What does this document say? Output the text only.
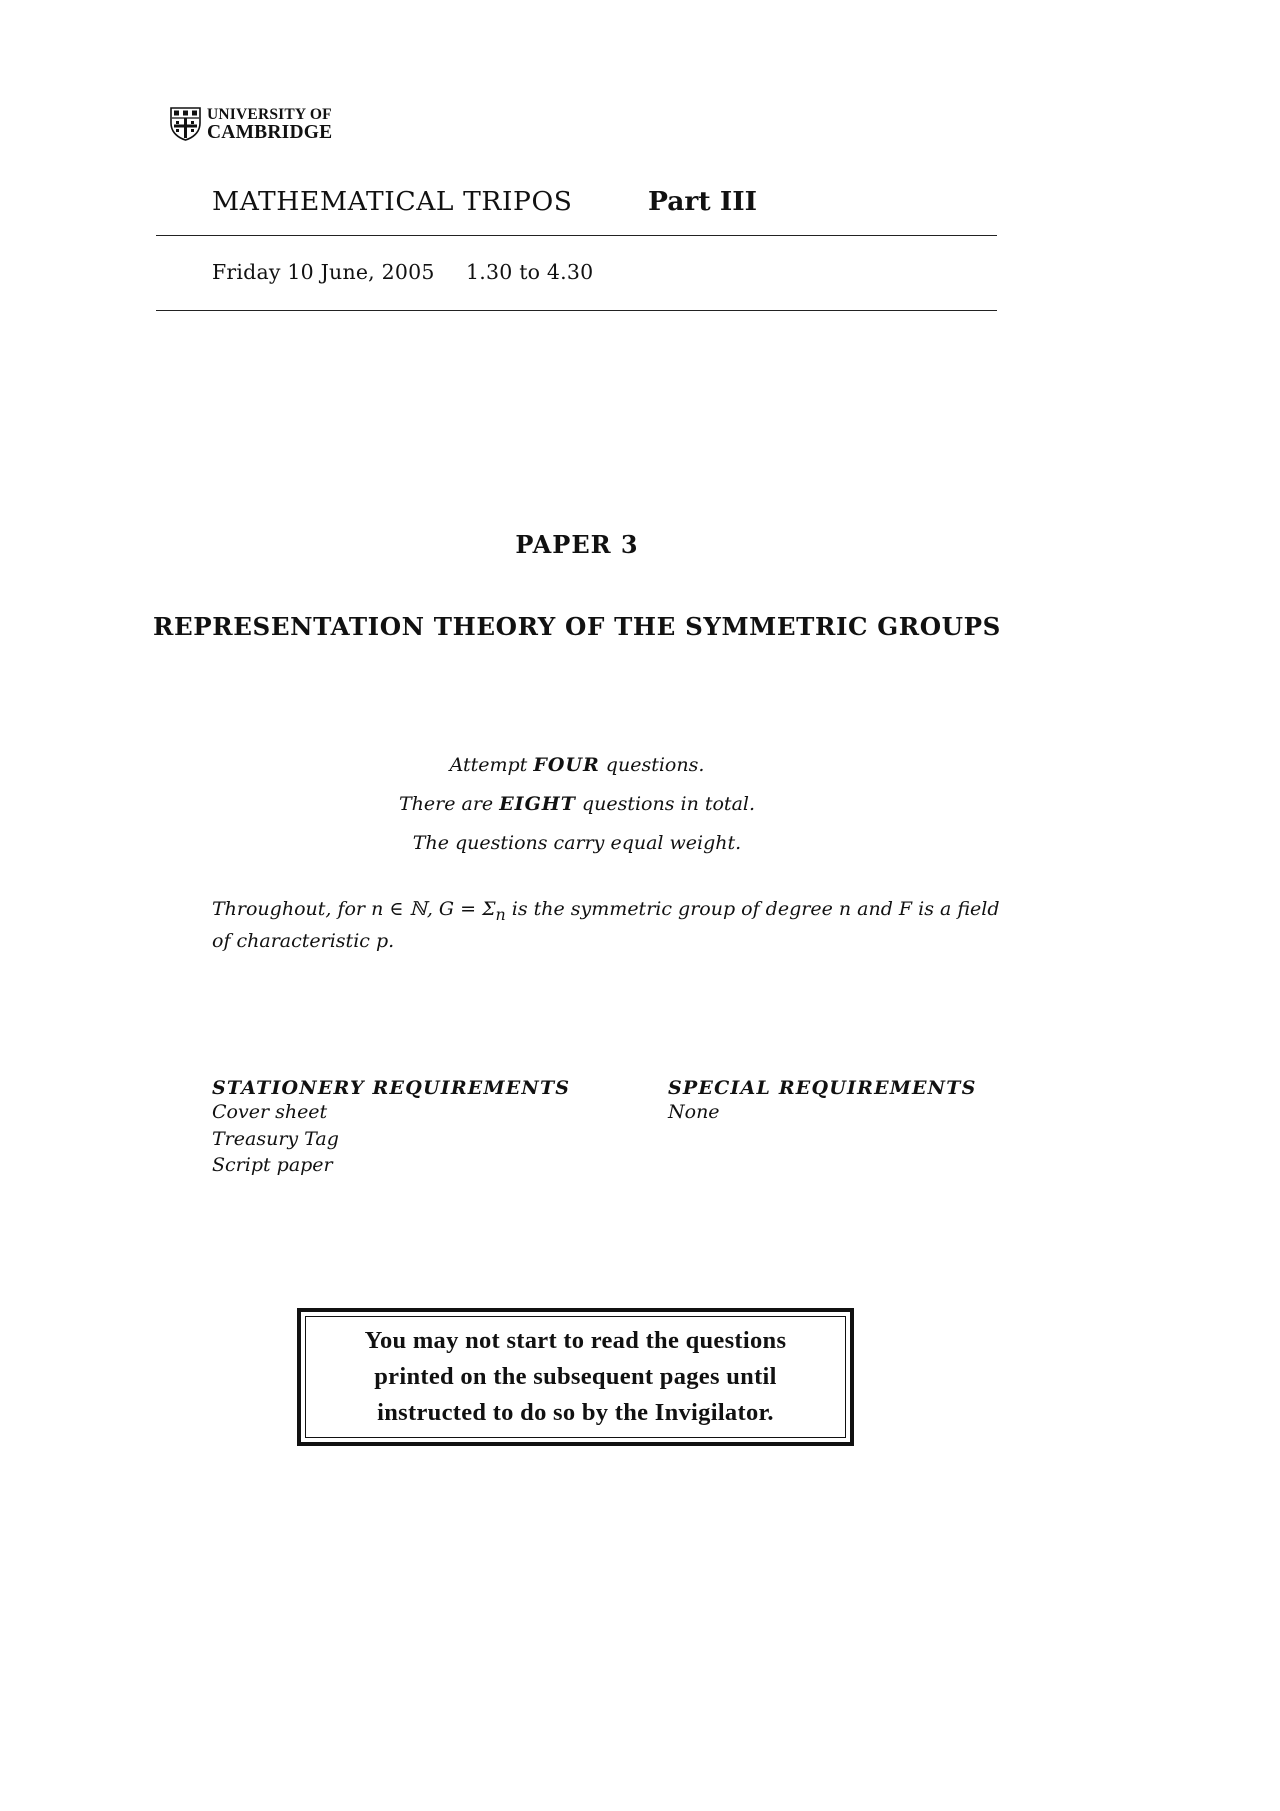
UNIVERSITY OF
CAMBRIDGE
MATHEMATICAL TRIPOS	Part III
Friday 10 June, 2005 1.30 to 4.30
PAPER 3
REPRESENTATION THEORY OF THE SYMMETRIC GROUPS
Attempt FOUR questions.
There are EIGHT questions in total.
The questions carry equal weight.
Throughout, for n ∈ ℕ, $G = \Sigma_n$ is the symmetric group of degree n and F is a field of characteristic p.
STATIONERY REQUIREMENTS
Cover sheet
Treasury Tag
Script paper
SPECIAL REQUIREMENTS
None
You may not start to read the questions
printed on the subsequent pages until
instructed to do so by the Invigilator.
